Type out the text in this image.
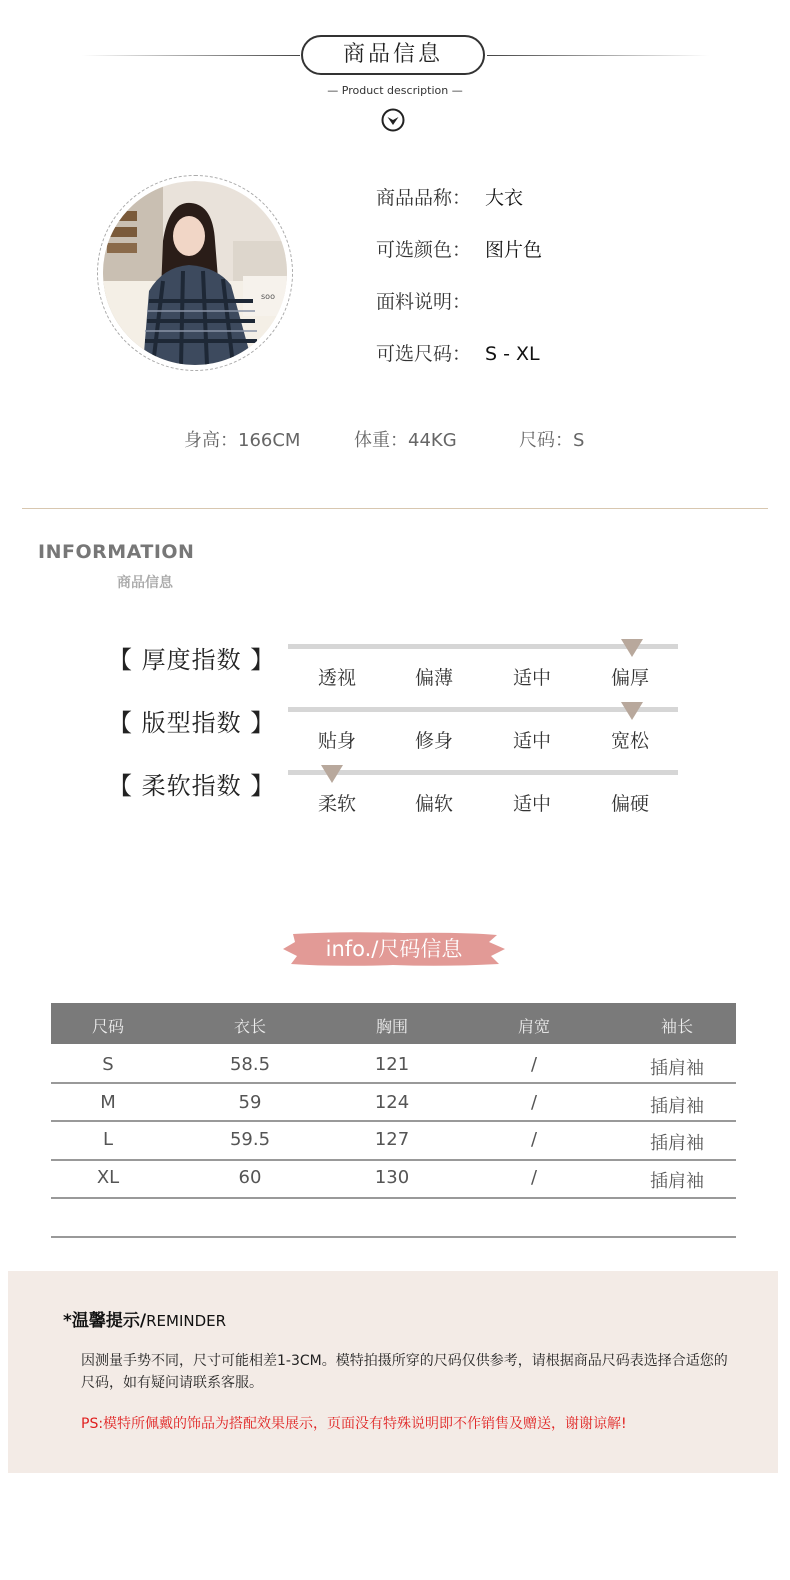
商品信息
— Product description —
soo
商品品称： 大衣
可选颜色： 图片色
面料说明：
可选尺码： S - XL
身高：166CM	体重：44KG	尺码：S
INFORMATION
商品信息
【 厚度指数 】
透视	偏薄	适中	偏厚
【 版型指数 】
贴身	修身	适中	宽松
【 柔软指数 】
柔软	偏软	适中	偏硬
info./尺码信息
尺码	衣长	胸围	肩宽	袖长
S	58.5	121	/	插肩袖
M	59	124	/	插肩袖
L	59.5	127	/	插肩袖
XL	60	130	/	插肩袖
*温馨提示/REMINDER
因测量手势不同，尺寸可能相差1-3CM。模特拍摄所穿的尺码仅供参考，请根据商品尺码表选择合适您的尺码，如有疑问请联系客服。
PS:模特所佩戴的饰品为搭配效果展示，页面没有特殊说明即不作销售及赠送，谢谢谅解!
